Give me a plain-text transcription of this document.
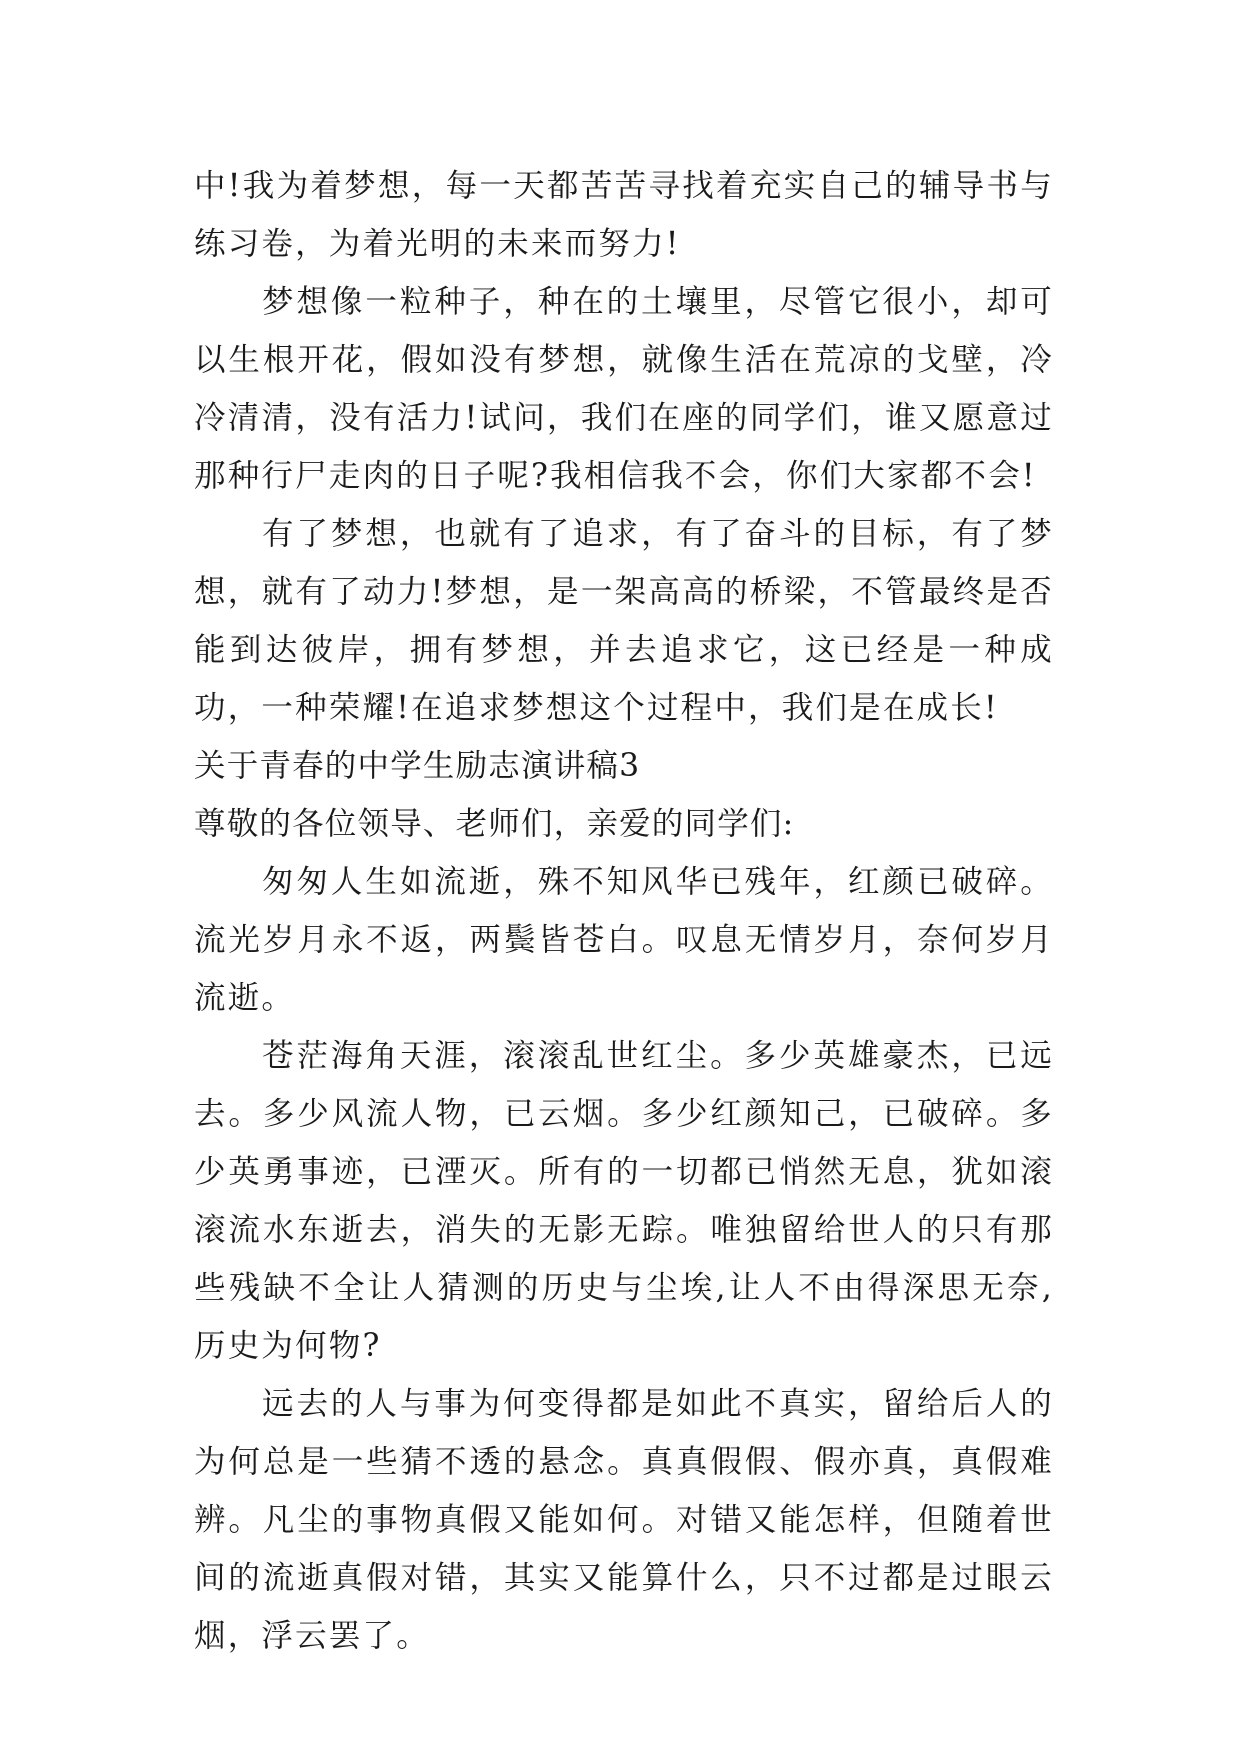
中!我为着梦想，每一天都苦苦寻找着充实自己的辅导书与练习卷，为着光明的未来而努力!

梦想像一粒种子，种在的土壤里，尽管它很小，却可以生根开花，假如没有梦想，就像生活在荒凉的戈壁，冷冷清清，没有活力!试问，我们在座的同学们，谁又愿意过那种行尸走肉的日子呢?我相信我不会，你们大家都不会!

有了梦想，也就有了追求，有了奋斗的目标，有了梦想，就有了动力!梦想，是一架高高的桥梁，不管最终是否能到达彼岸，拥有梦想，并去追求它，这已经是一种成功，一种荣耀!在追求梦想这个过程中，我们是在成长!

关于青春的中学生励志演讲稿3

尊敬的各位领导、老师们，亲爱的同学们:

匆匆人生如流逝，殊不知风华已残年，红颜已破碎。流光岁月永不返，两鬓皆苍白。叹息无情岁月，奈何岁月流逝。

苍茫海角天涯，滚滚乱世红尘。多少英雄豪杰，已远去。多少风流人物，已云烟。多少红颜知己，已破碎。多少英勇事迹，已湮灭。所有的一切都已悄然无息，犹如滚滚流水东逝去，消失的无影无踪。唯独留给世人的只有那些残缺不全让人猜测的历史与尘埃,让人不由得深思无奈,历史为何物?

远去的人与事为何变得都是如此不真实，留给后人的为何总是一些猜不透的悬念。真真假假、假亦真，真假难辨。凡尘的事物真假又能如何。对错又能怎样，但随着世间的流逝真假对错，其实又能算什么，只不过都是过眼云烟，浮云罢了。
